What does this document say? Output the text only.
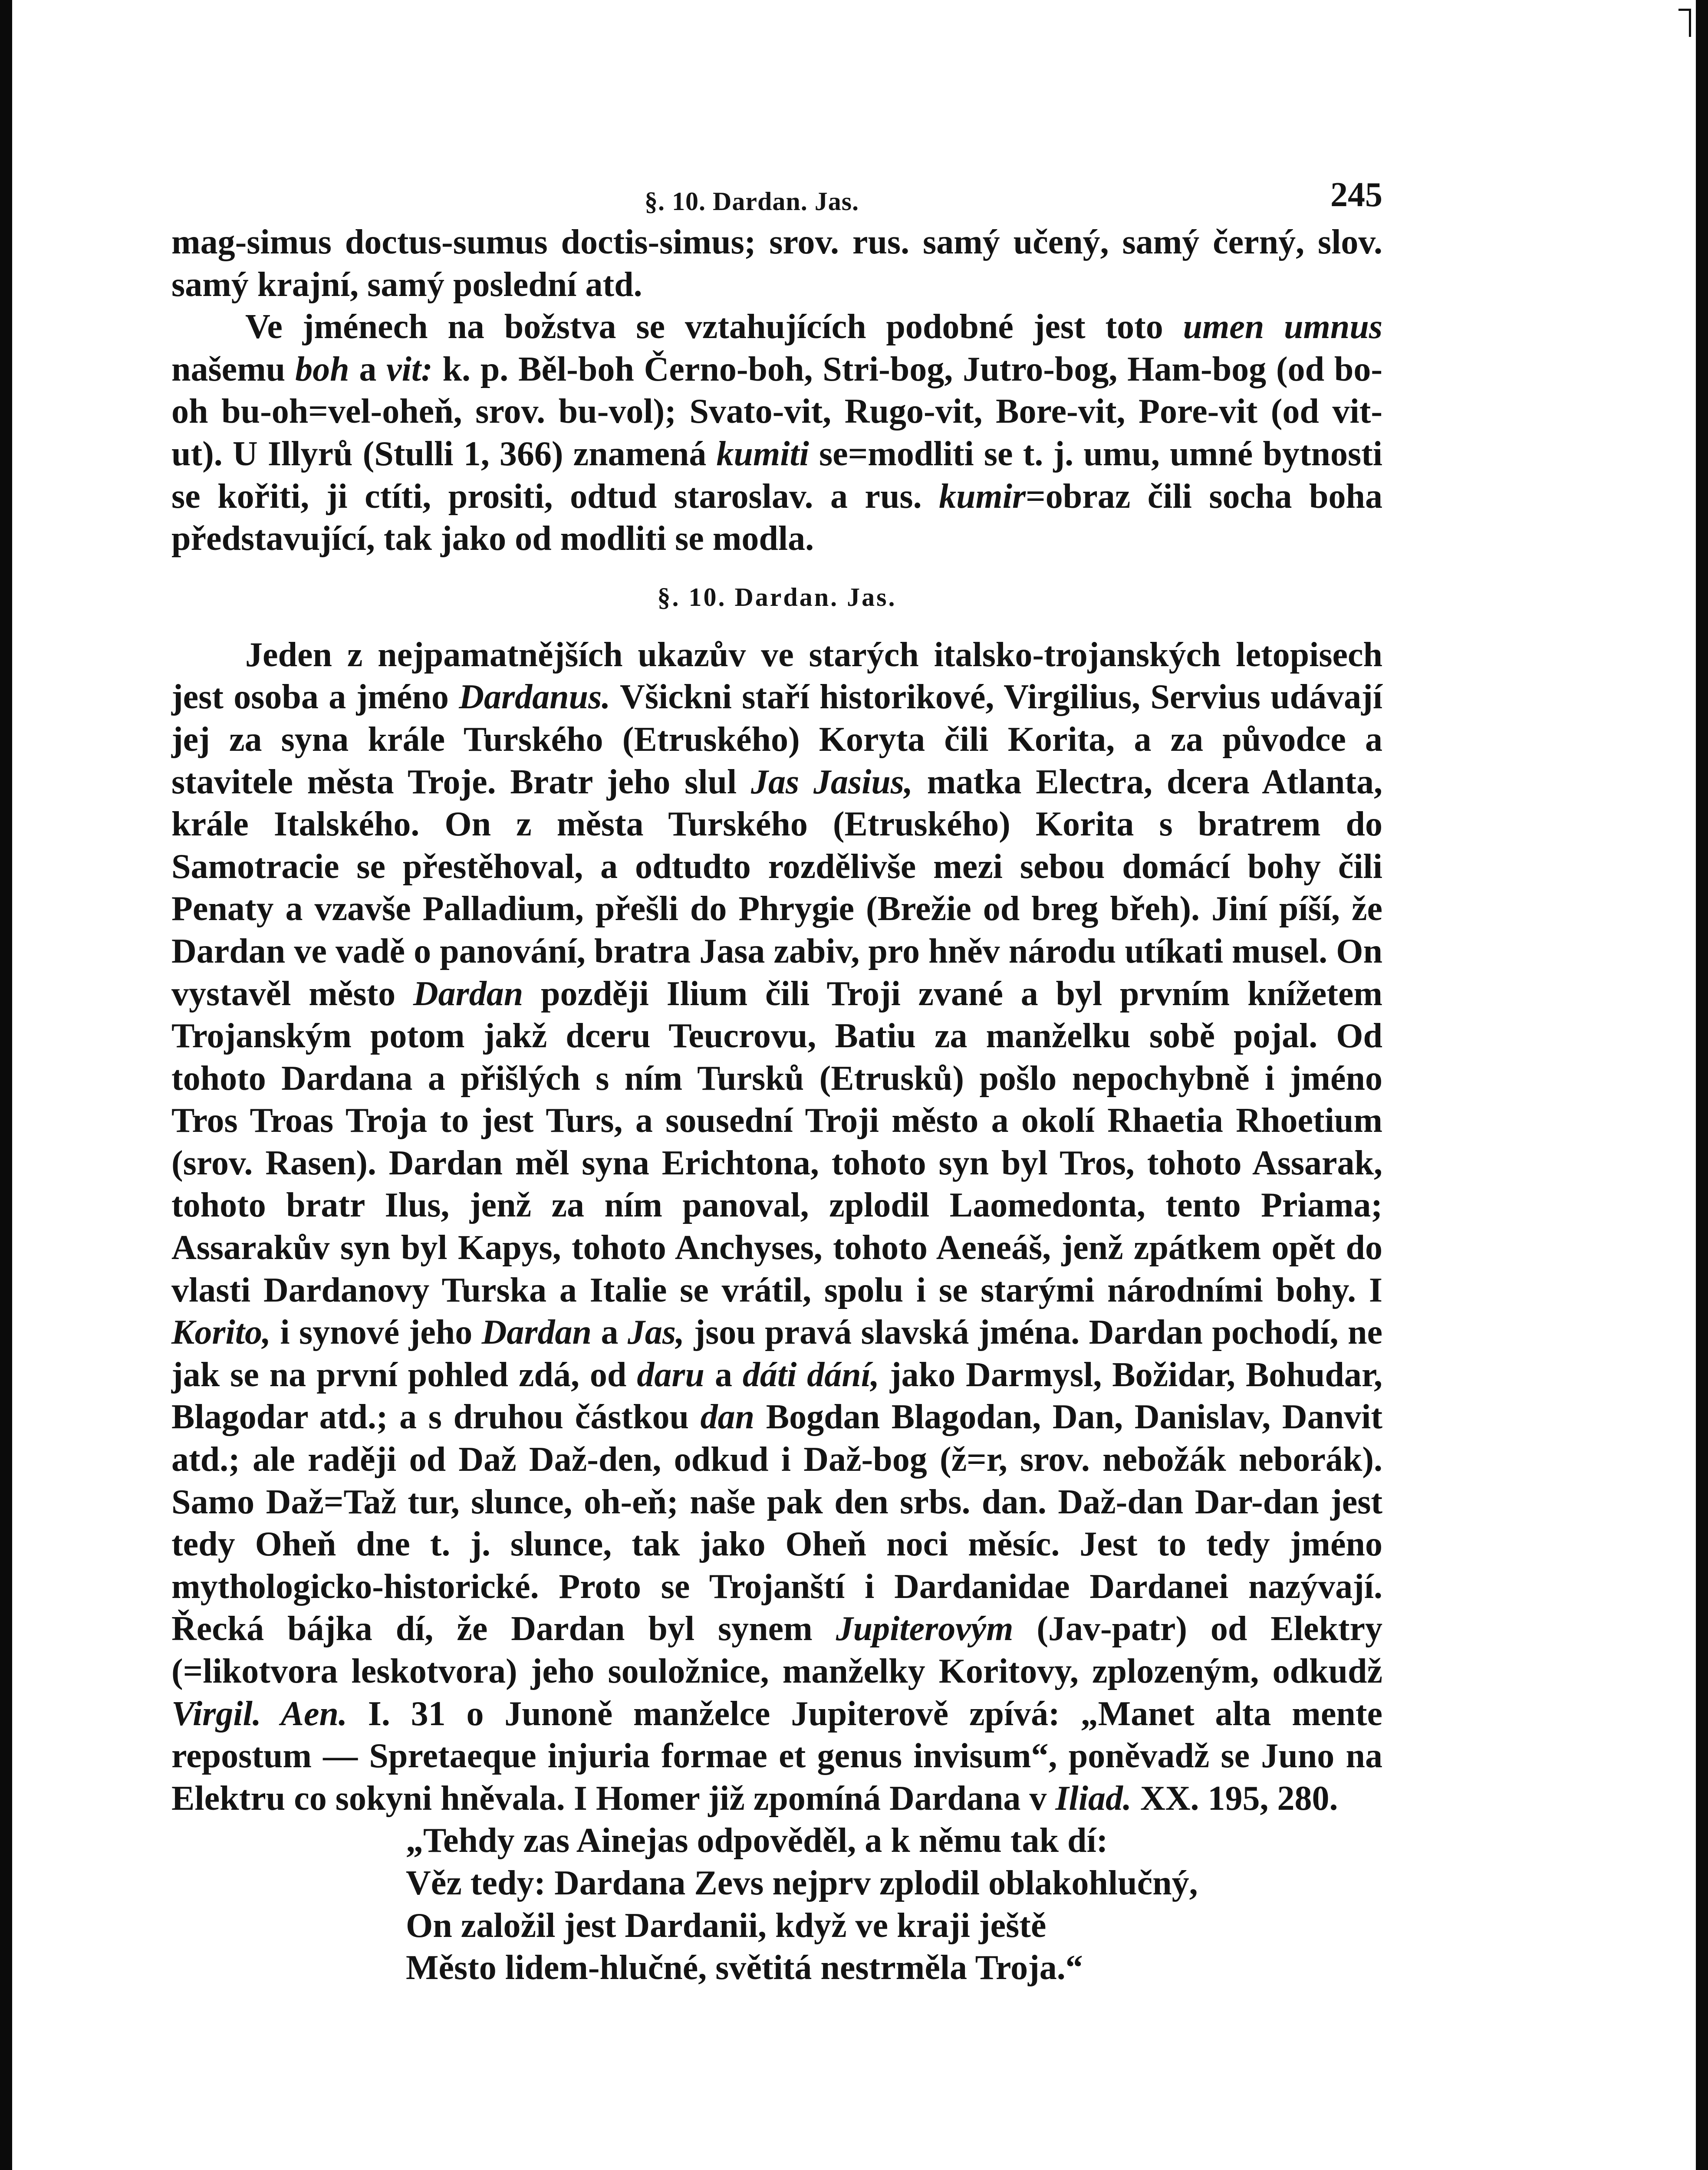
§. 10. Dardan. Jas.	245

mag-simus doctus-sumus doctis-simus; srov. rus. samý učený, samý černý, slov. samý krajní, samý poslední atd.

Ve jménech na božstva se vztahujících podobné jest toto umen umnus našemu boh a vit: k. p. Běl-boh Černo-boh, Stri-bog, Jutro-bog, Ham-bog (od bo-oh bu-oh=vel-oheň, srov. bu-vol); Svato-vit, Rugo-vit, Bore-vit, Pore-vit (od vit-ut). U Illyrů (Stulli 1, 366) znamená kumiti se=modliti se t. j. umu, umné bytnosti se kořiti, ji ctíti, prositi, odtud staroslav. a rus. kumir=obraz čili socha boha představující, tak jako od modliti se modla.

§. 10. Dardan. Jas.

Jeden z nejpamatnějších ukazův ve starých italsko-trojanských letopisech jest osoba a jméno Dardanus. Všickni staří historikové, Virgilius, Servius udávají jej za syna krále Turského (Etruského) Koryta čili Korita, a za původce a stavitele města Troje. Bratr jeho slul Jas Jasius, matka Electra, dcera Atlanta, krále Italského. On z města Turského (Etruského) Korita s bratrem do Samotracie se přestěhoval, a odtudto rozdělivše mezi sebou domácí bohy čili Penaty a vzavše Palladium, přešli do Phrygie (Brežie od breg břeh). Jiní píší, že Dardan ve vadě o panování, bratra Jasa zabiv, pro hněv národu utíkati musel. On vystavěl město Dardan později Ilium čili Troji zvané a byl prvním knížetem Trojanským potom jakž dceru Teucrovu, Batiu za manželku sobě pojal. Od tohoto Dardana a přišlých s ním Tursků (Etrusků) pošlo nepochybně i jméno Tros Troas Troja to jest Turs, a sousední Troji město a okolí Rhaetia Rhoetium (srov. Rasen). Dardan měl syna Erichtona, tohoto syn byl Tros, tohoto Assarak, tohoto bratr Ilus, jenž za ním panoval, zplodil Laomedonta, tento Priama; Assarakův syn byl Kapys, tohoto Anchyses, tohoto Aeneáš, jenž zpátkem opět do vlasti Dardanovy Turska a Italie se vrátil, spolu i se starými národními bohy. I Korito, i synové jeho Dardan a Jas, jsou pravá slavská jména. Dardan pochodí, ne jak se na první pohled zdá, od daru a dáti dání, jako Darmysl, Božidar, Bohudar, Blagodar atd.; a s druhou částkou dan Bogdan Blagodan, Dan, Danislav, Danvit atd.; ale raději od Daž Daž-den, odkud i Daž-bog (ž=r, srov. nebožák neborák). Samo Daž=Taž tur, slunce, oh-eň; naše pak den srbs. dan. Daž-dan Dar-dan jest tedy Oheň dne t. j. slunce, tak jako Oheň noci měsíc. Jest to tedy jméno mythologicko-historické. Proto se Trojanští i Dardanidae Dardanei nazývají. Řecká bájka dí, že Dardan byl synem Jupiterovým (Jav-patr) od Elektry (=likotvora leskotvora) jeho souložnice, manželky Koritovy, zplozeným, odkudž Virgil. Aen. I. 31 o Junoně manželce Jupiterově zpívá: „Manet alta mente repostum — Spretaeque injuria formae et genus invisum“, poněvadž se Juno na Elektru co sokyni hněvala. I Homer již zpomíná Dardana v Iliad. XX. 195, 280.

„Tehdy zas Ainejas odpověděl, a k němu tak dí:
Věz tedy: Dardana Zevs nejprv zplodil oblakohlučný,
On založil jest Dardanii, když ve kraji ještě
Město lidem-hlučné, světitá nestrměla Troja.“
